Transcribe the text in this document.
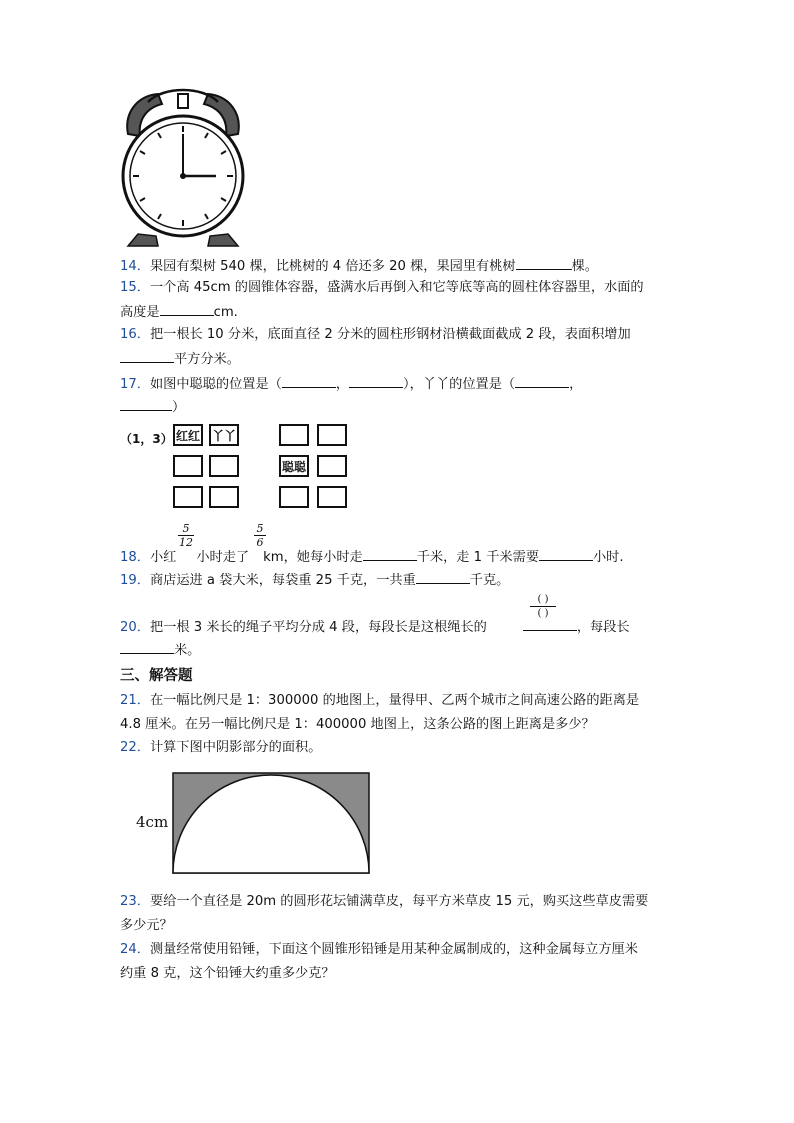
14．果园有梨树 540 棵，比桃树的 4 倍还多 20 棵，果园里有桃树	棵。
15．一个高 45cm 的圆锥体容器，盛满水后再倒入和它等底等高的圆柱体容器里，水面的
高度是	cm.
16．把一根长 10 分米，底面直径 2 分米的圆柱形钢材沿横截面截成 2 段，表面积增加
平方分米。
17．如图中聪聪的位置是（	，	），丫丫的位置是（	，
）
（1，3） 红红 丫丫
聪聪
$\frac{5}{12}$	$\frac{5}{6}$
18．小红 小时走了 km，她每小时走	千米，走 1 千米需要	小时.
19．商店运进 a 袋大米，每袋重 25 千克，一共重	千克。
( )
( )
20．把一根 3 米长的绳子平均分成 4 段，每段长是这根绳长的	，每段长
米。
三、解答题
21．在一幅比例尺是 1：300000 的地图上，量得甲、乙两个城市之间高速公路的距离是
4.8 厘米。在另一幅比例尺是 1：400000 地图上，这条公路的图上距离是多少？
22．计算下图中阴影部分的面积。
4cm
23．要给一个直径是 20m 的圆形花坛铺满草皮，每平方米草皮 15 元，购买这些草皮需要
多少元？
24．测量经常使用铅锤，下面这个圆锥形铅锤是用某种金属制成的，这种金属每立方厘米
约重 8 克，这个铅锤大约重多少克？
